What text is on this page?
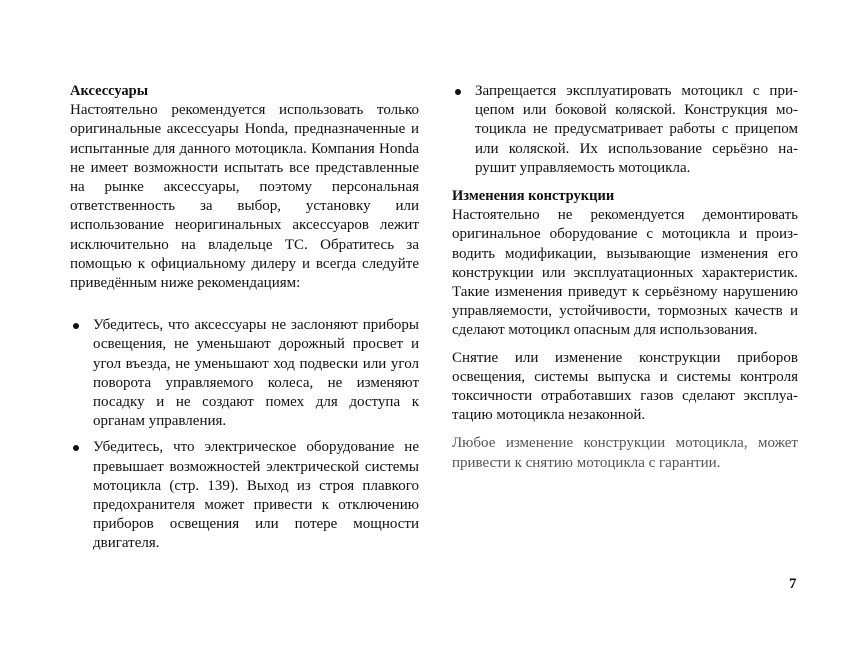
Аксессуары

Настоятельно рекомендуется использовать только оригинальные аксессуары Honda, предназначенные и испытанные для данного мотоцикла. Компания Honda не имеет возможности испытать все представленные на рынке аксессуары, поэтому персональная ответственность за выбор, установку или использование неоригинальных аксессуаров лежит исключительно на владельце ТС. Обратитесь за помощью к официальному дилеру и всегда следуйте приведённым ниже рекомендациям:

Убедитесь, что аксессуары не заслоняют приборы освещения, не уменьшают дорожный просвет и угол въезда, не уменьшают ход подвески или угол поворота управляемого колеса, не изменяют посадку и не создают помех для доступа к органам управления.
Убедитесь, что электрическое оборудование не превышает возможностей электрической системы мотоцикла (стр. 139). Выход из строя плавкого предохранителя может привести к отключению приборов освещения или потере мощности двигателя.
Запрещается эксплуатировать мотоцикл с прицепом или боковой коляской. Конструкция мотоцикла не предусматривает работы с прицепом или коляской. Их использование серьёзно нарушит управляемость мотоцикла.
Изменения конструкции

Настоятельно не рекомендуется демонтировать оригинальное оборудование с мотоцикла и производить модификации, вызывающие изменения его конструкции или эксплуатационных характеристик. Такие изменения приведут к серьёзному нарушению управляемости, устойчивости, тормозных качеств и сделают мотоцикл опасным для использования.

Снятие или изменение конструкции приборов освещения, системы выпуска и системы контроля токсичности отработавших газов сделают эксплуатацию мотоцикла незаконной.

Любое изменение конструкции мотоцикла, может привести к снятию мотоцикла с гарантии.

7
